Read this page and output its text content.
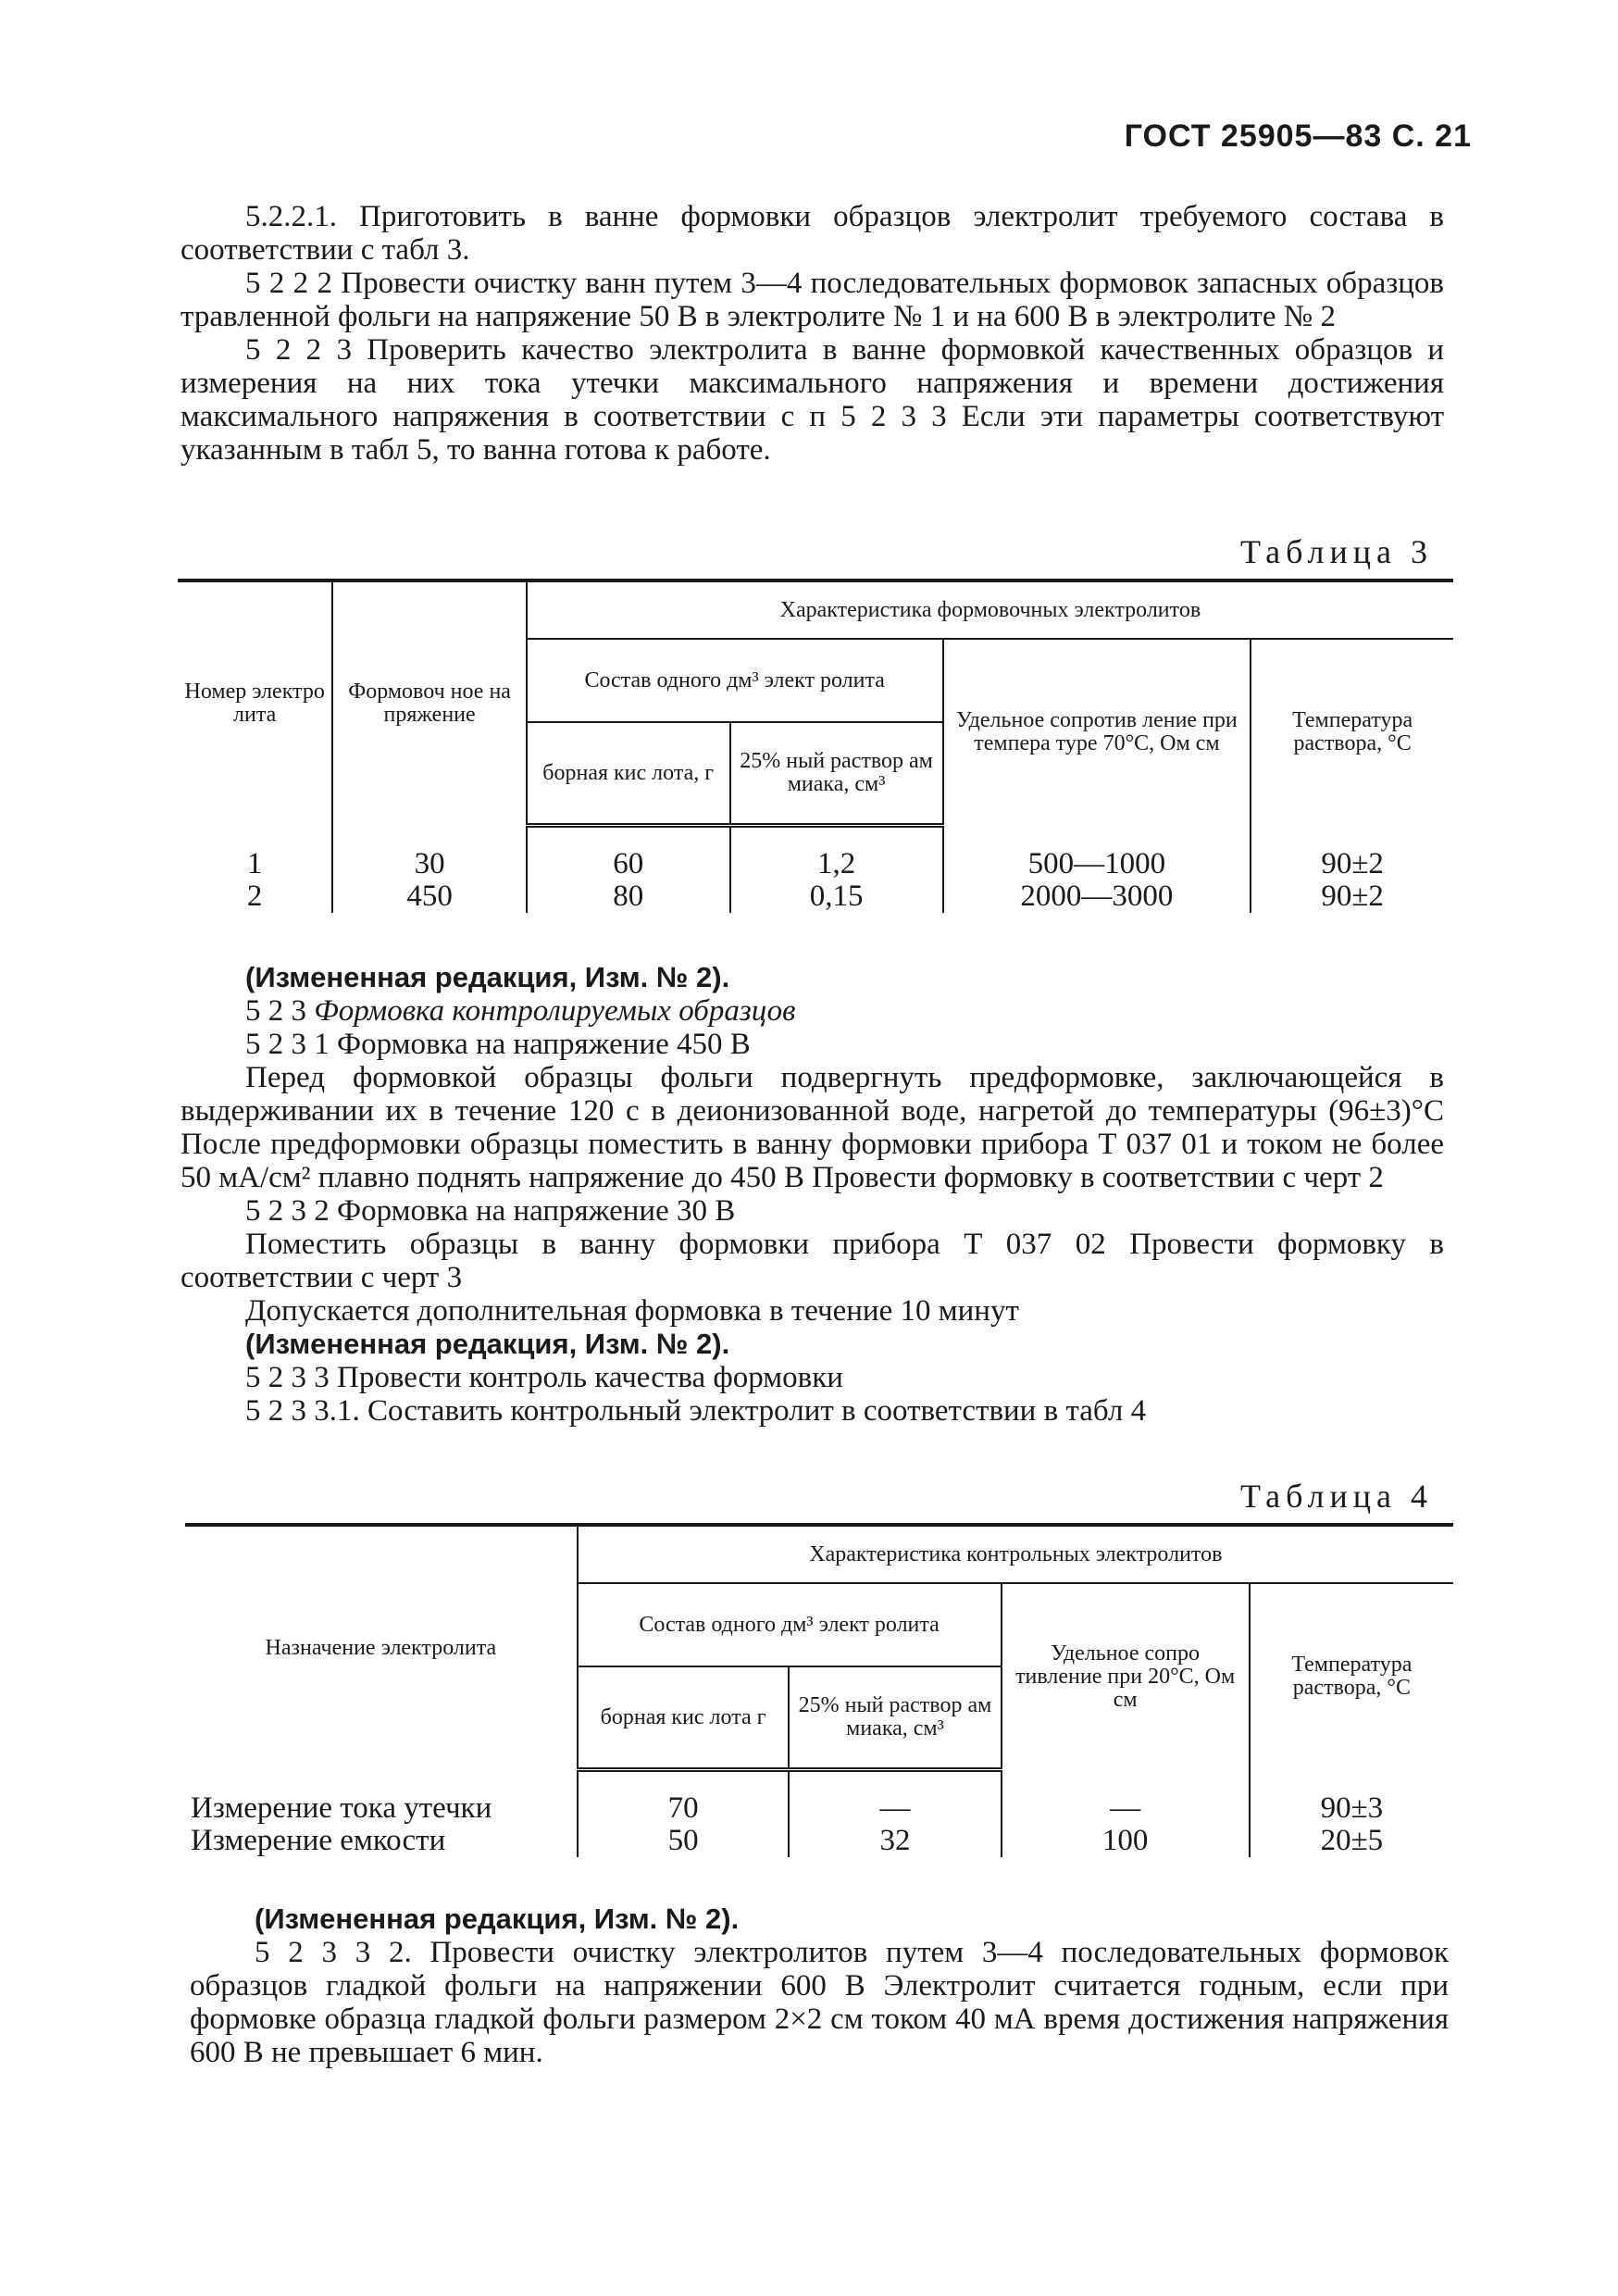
ГОСТ 25905—83 С. 21

5.2.2.1. Приготовить в ванне формовки образцов электролит требуемого состава в соответствии с табл 3.

5 2 2 2 Провести очистку ванн путем 3—4 последовательных формовок запасных образцов травленной фольги на напряжение 50 В в электролите № 1 и на 600 В в электролите № 2

5 2 2 3 Проверить качество электролита в ванне формовкой качественных образцов и измерения на них тока утечки максимального напряжения и времени достижения максимального напряжения в соответствии с п 5 2 3 3 Если эти параметры соответствуют указанным в табл 5, то ванна готова к работе.

Таблица 3
Номер электро лита	Формовоч ное на пряжение	Характеристика формовочных электролитов			
		Состав одного дм³ элект ролита		Удельное сопротив ление при темпера туре 70°C, Ом см	Температура раствора, °С
		борная кис лота, г	25% ный раствор ам миака, см³		

1	30	60	1,2	500—1000	90±2
2	450	80	0,15	2000—3000	90±2

(Измененная редакция, Изм. № 2).

5 2 3 Формовка контролируемых образцов

5 2 3 1 Формовка на напряжение 450 В

Перед формовкой образцы фольги подвергнуть предформовке, заключающейся в выдерживании их в течение 120 с в деионизованной воде, нагретой до температуры (96±3)°С После предформовки образцы поместить в ванну формовки прибора Т 037 01 и током не более 50 мА/см² плавно поднять напряжение до 450 В Провести формовку в соответствии с черт 2

5 2 3 2 Формовка на напряжение 30 В

Поместить образцы в ванну формовки прибора Т 037 02 Провести формовку в соответствии с черт 3

Допускается дополнительная формовка в течение 10 минут

(Измененная редакция, Изм. № 2).

5 2 3 3 Провести контроль качества формовки

5 2 3 3.1. Составить контрольный электролит в соответствии в табл 4

Таблица 4
Назначение электролита	Характеристика контрольных электролитов			
	Состав одного дм³ элект ролита		Удельное сопро тивление при 20°С, Ом см	Температура раствора, °С
	борная кис лота г	25% ный раствор ам миака, см³		

Измерение тока утечки	70	—	—	90±3
Измерение емкости	50	32	100	20±5

(Измененная редакция, Изм. № 2).

5 2 3 3 2. Провести очистку электролитов путем 3—4 последовательных формовок образцов гладкой фольги на напряжении 600 В Электролит считается годным, если при формовке образца гладкой фольги размером 2×2 см током 40 мА время достижения напряжения 600 В не превышает 6 мин.
